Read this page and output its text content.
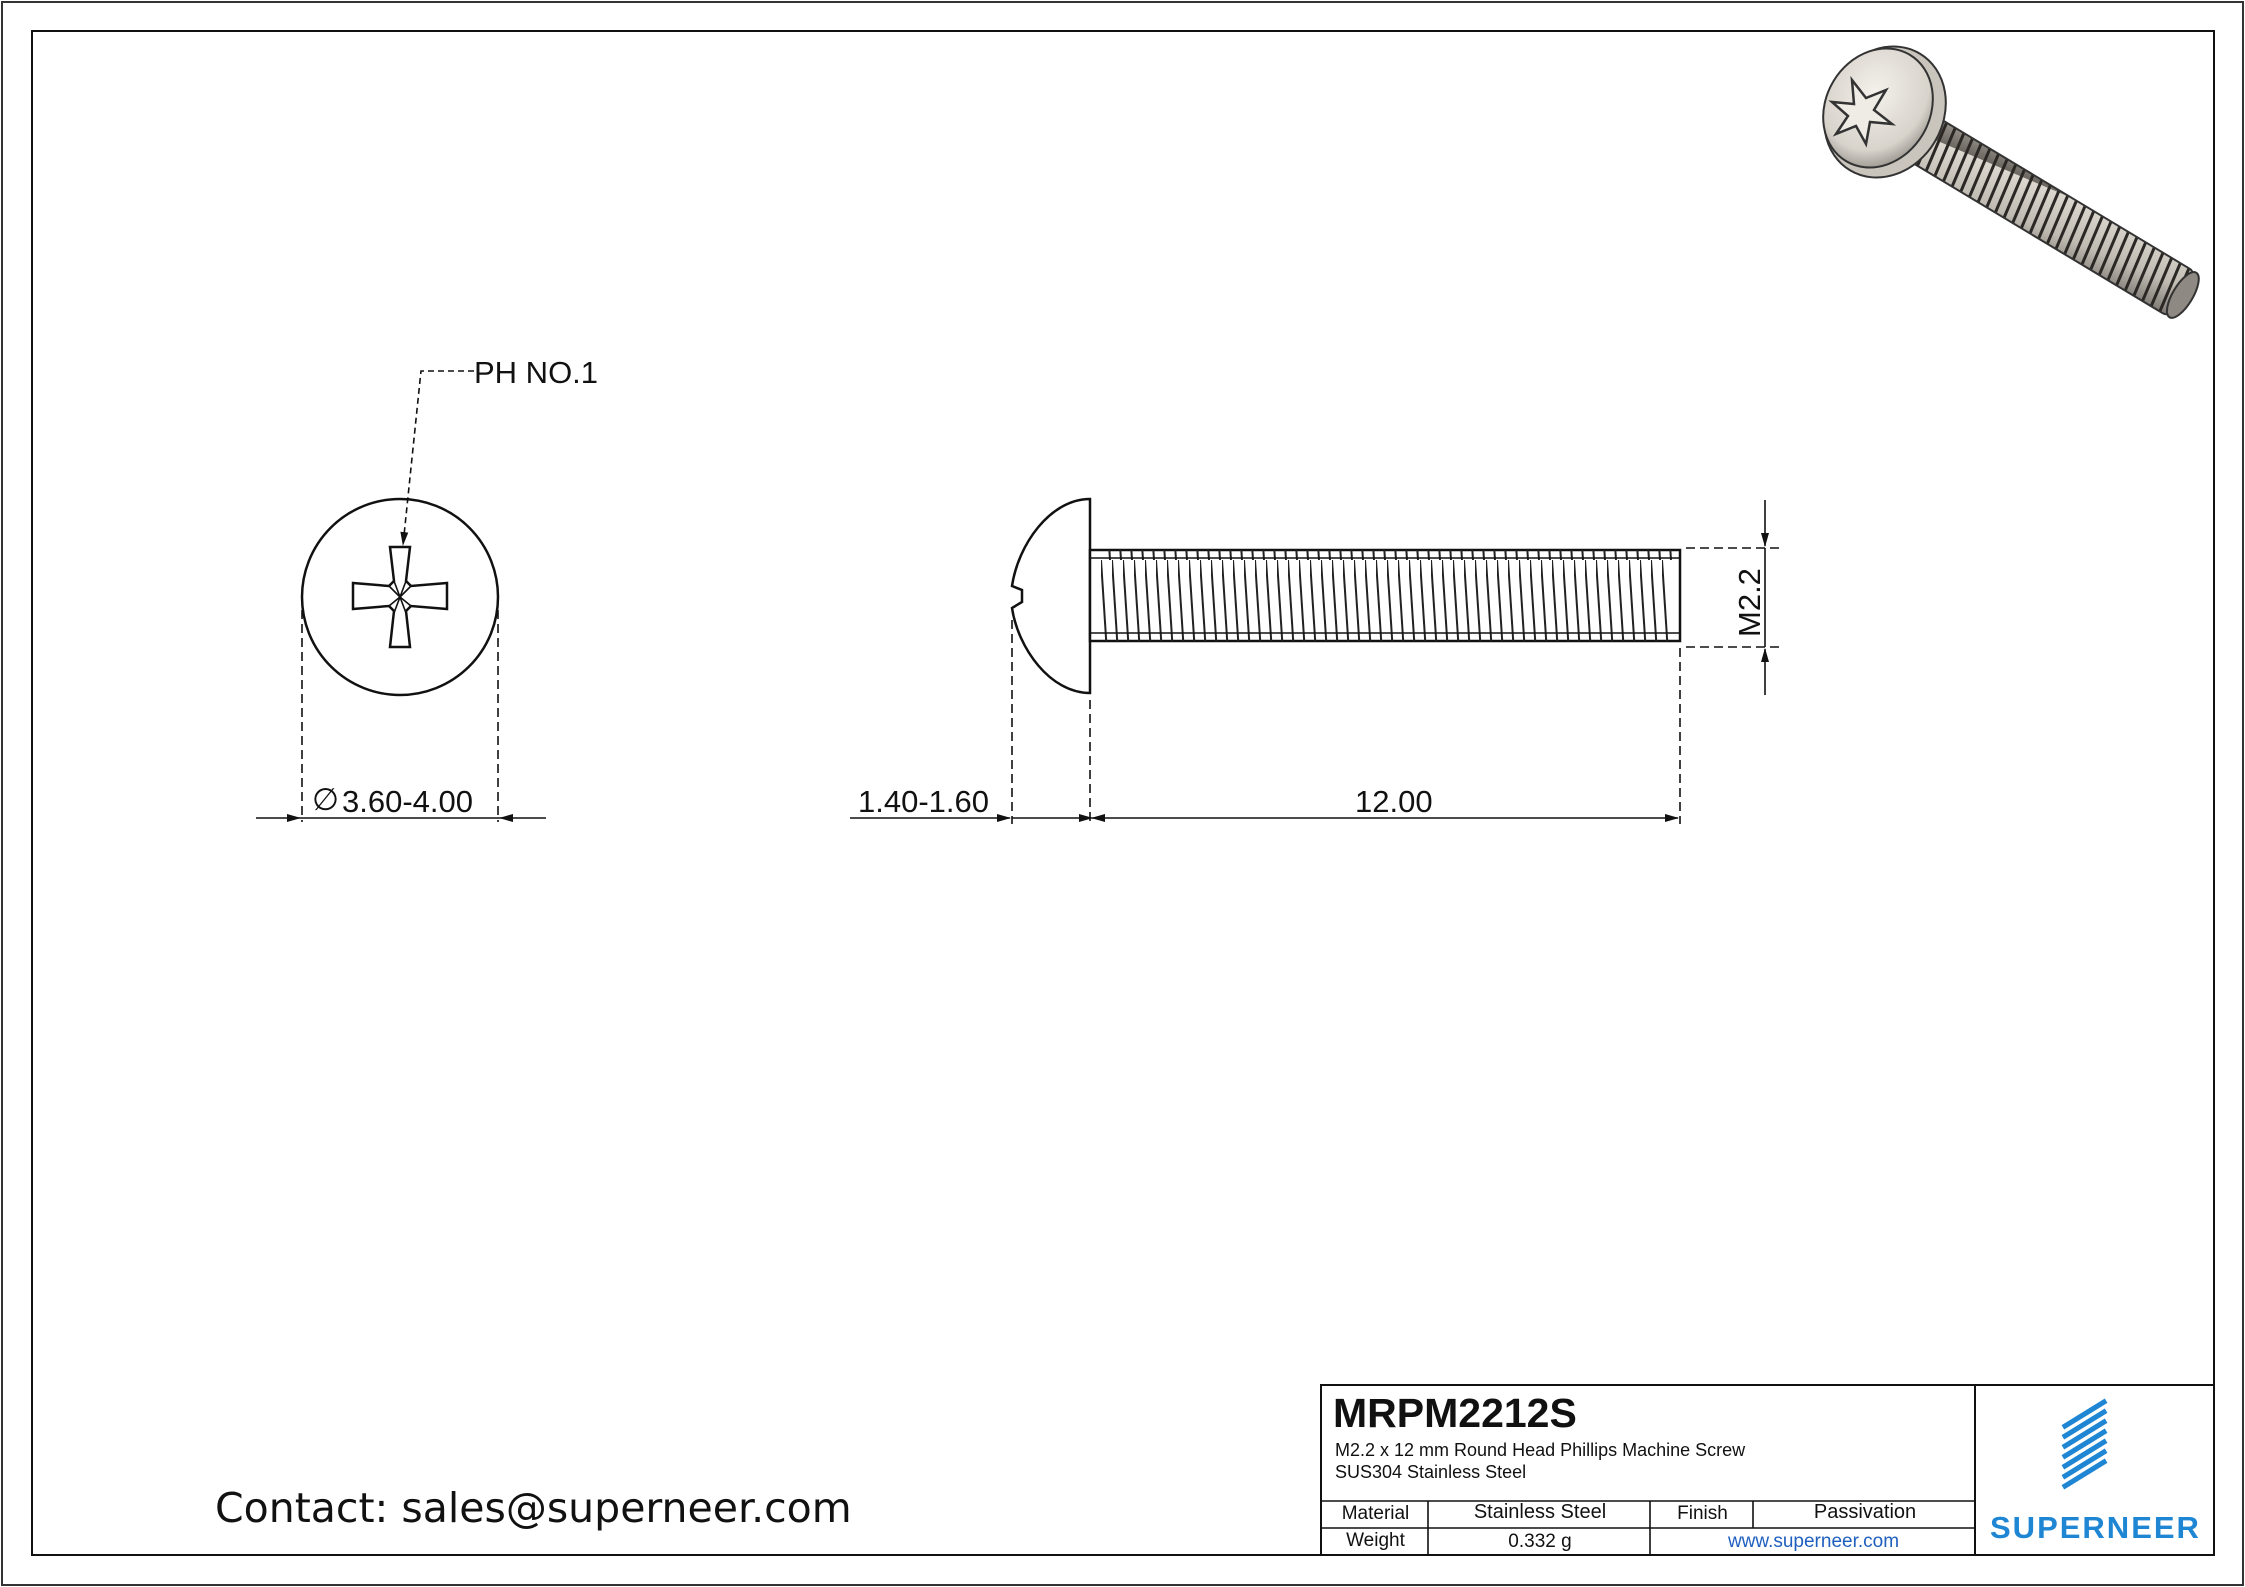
PH NO.1
∅ 3.60-4.00	1.40-1.60	12.00
M2.2
Contact: sales@superneer.com
MRPM2212S
M2.2 x 12 mm Round Head Phillips Machine Screw
SUS304 Stainless Steel
Material	Stainless Steel	Finish	Passivation
Weight	0.332 g	www.superneer.com	SUPERNEER
